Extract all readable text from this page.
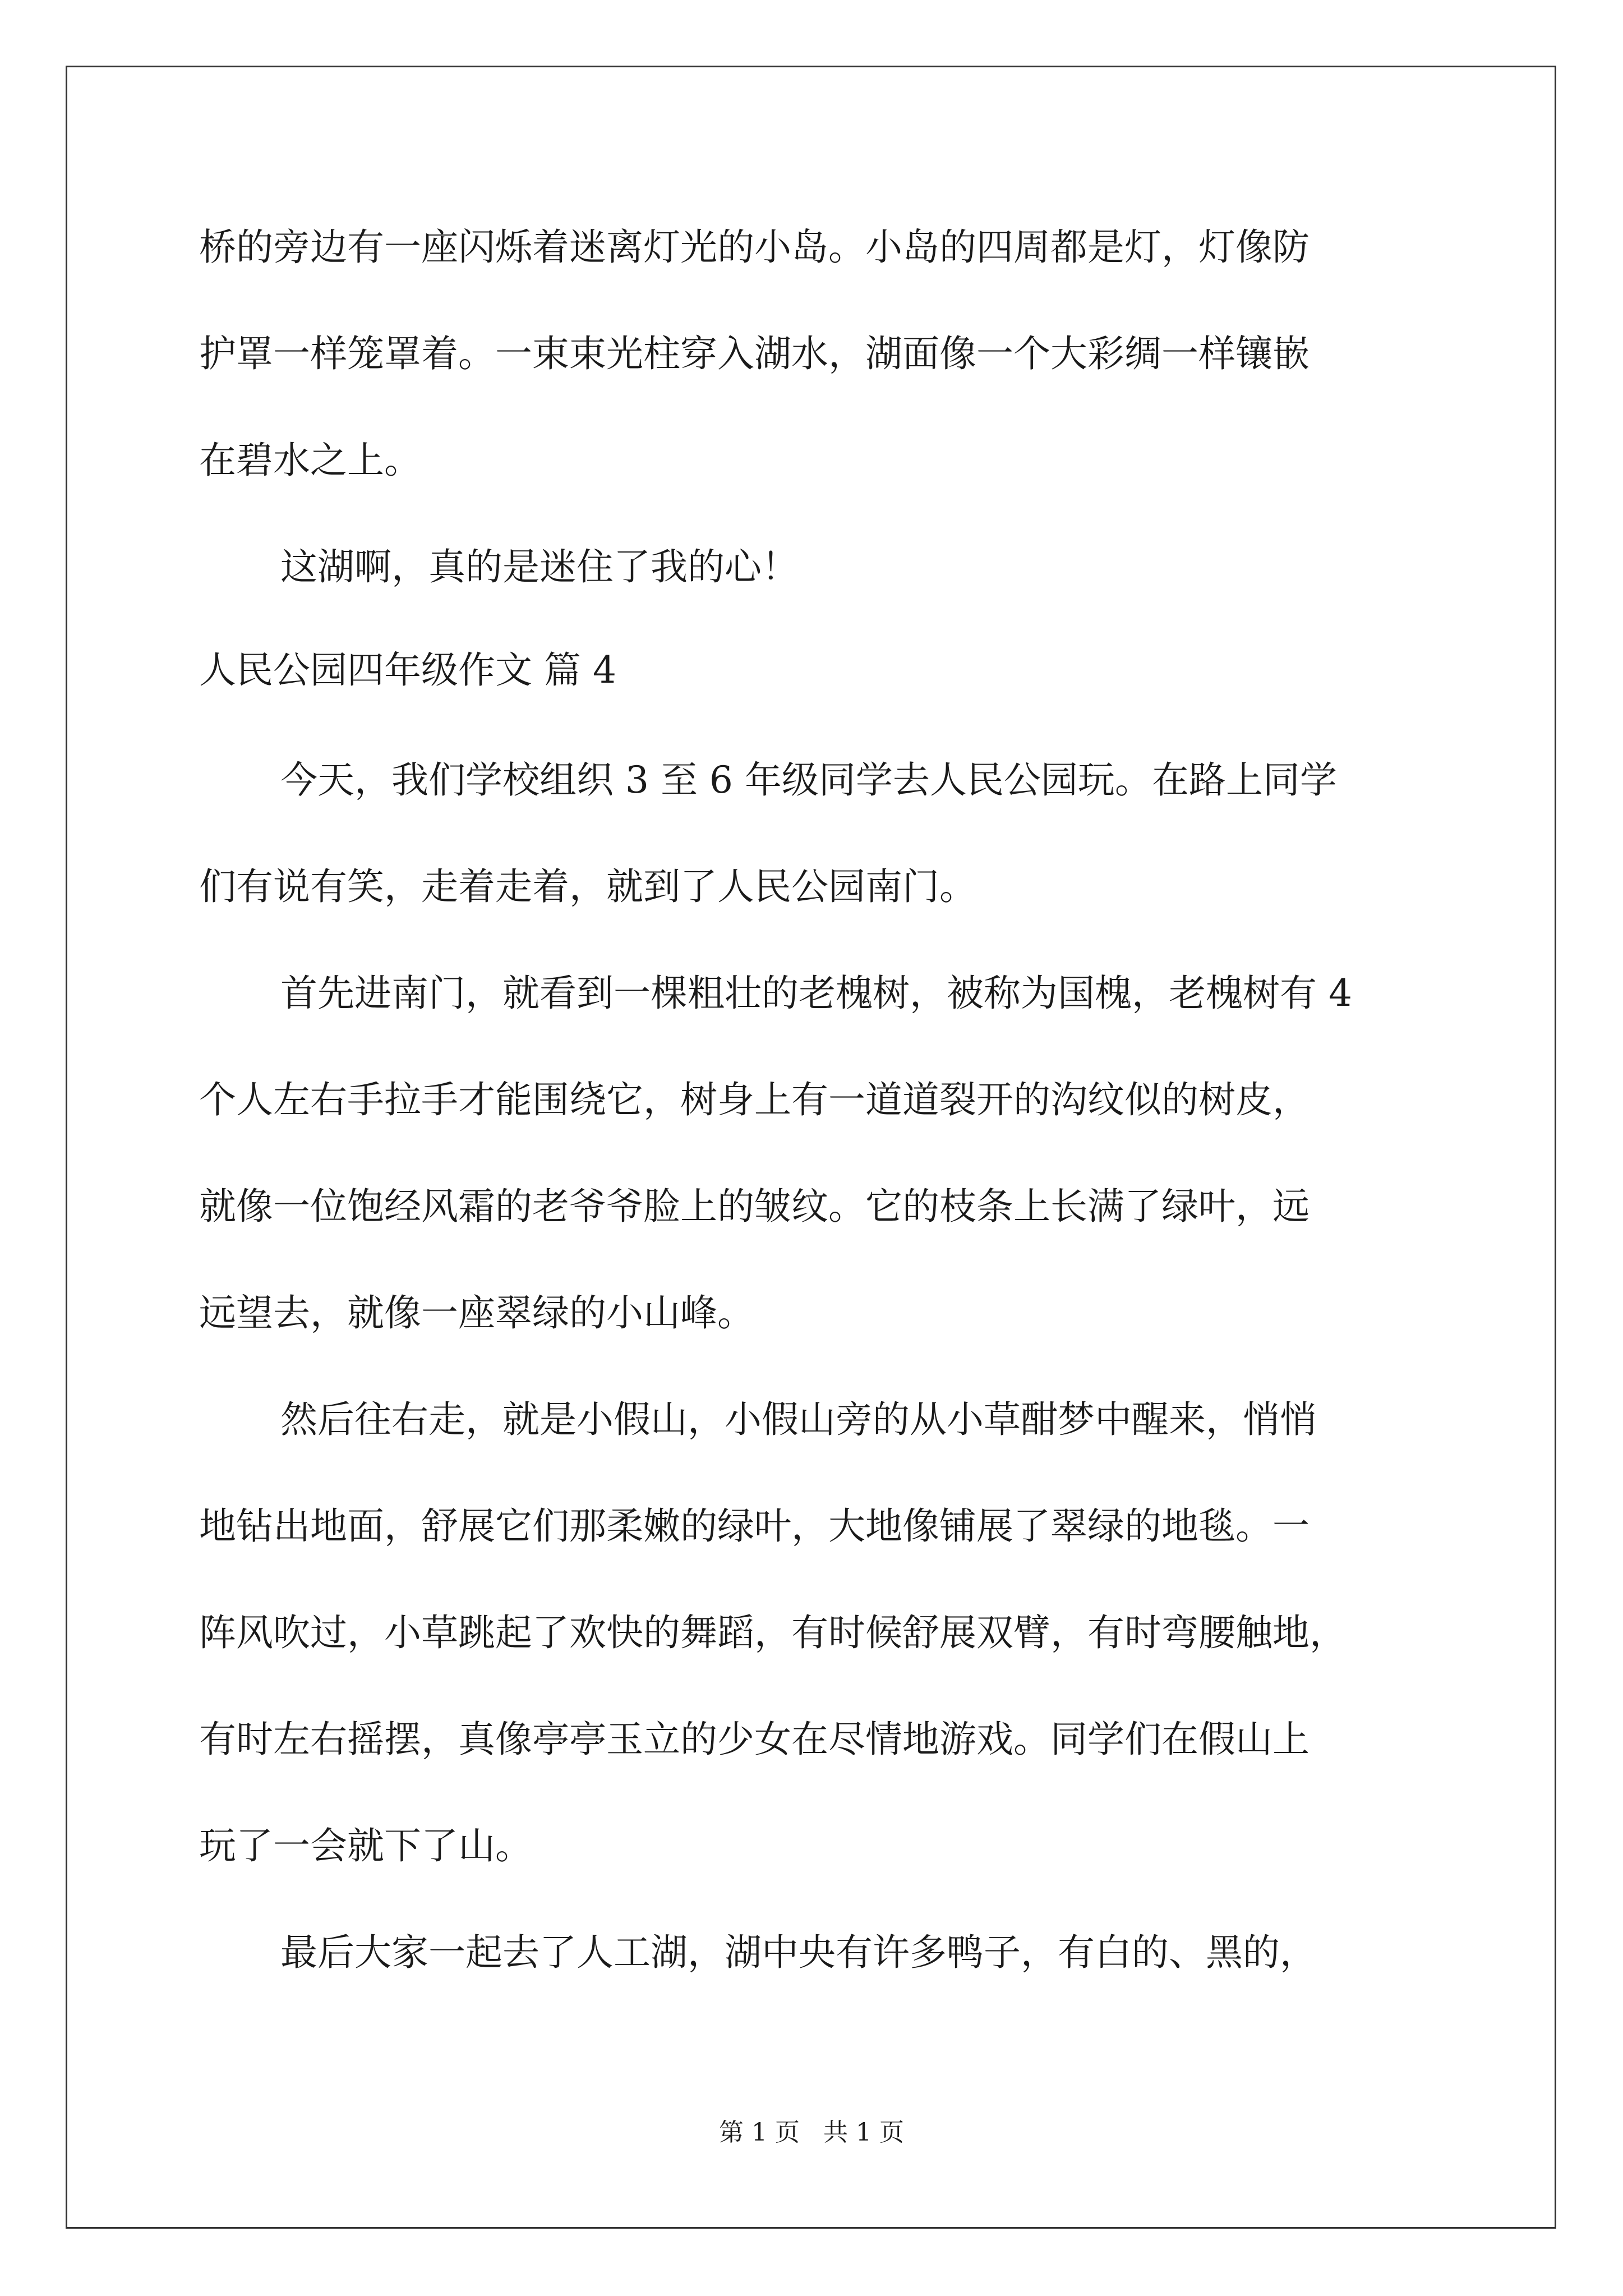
桥的旁边有一座闪烁着迷离灯光的小岛。小岛的四周都是灯，灯像防
护罩一样笼罩着。一束束光柱穿入湖水，湖面像一个大彩绸一样镶嵌
在碧水之上。
这湖啊，真的是迷住了我的心！
人民公园四年级作文 篇 4
今天，我们学校组织 3 至 6 年级同学去人民公园玩。在路上同学
们有说有笑，走着走着，就到了人民公园南门。
首先进南门，就看到一棵粗壮的老槐树，被称为国槐，老槐树有 4
个人左右手拉手才能围绕它，树身上有一道道裂开的沟纹似的树皮，
就像一位饱经风霜的老爷爷脸上的皱纹。它的枝条上长满了绿叶，远
远望去，就像一座翠绿的小山峰。
然后往右走，就是小假山，小假山旁的从小草酣梦中醒来，悄悄
地钻出地面，舒展它们那柔嫩的绿叶，大地像铺展了翠绿的地毯。一
阵风吹过，小草跳起了欢快的舞蹈，有时候舒展双臂，有时弯腰触地，
有时左右摇摆，真像亭亭玉立的少女在尽情地游戏。同学们在假山上
玩了一会就下了山。
最后大家一起去了人工湖，湖中央有许多鸭子，有白的、黑的，
第 1 页   共 1 页
